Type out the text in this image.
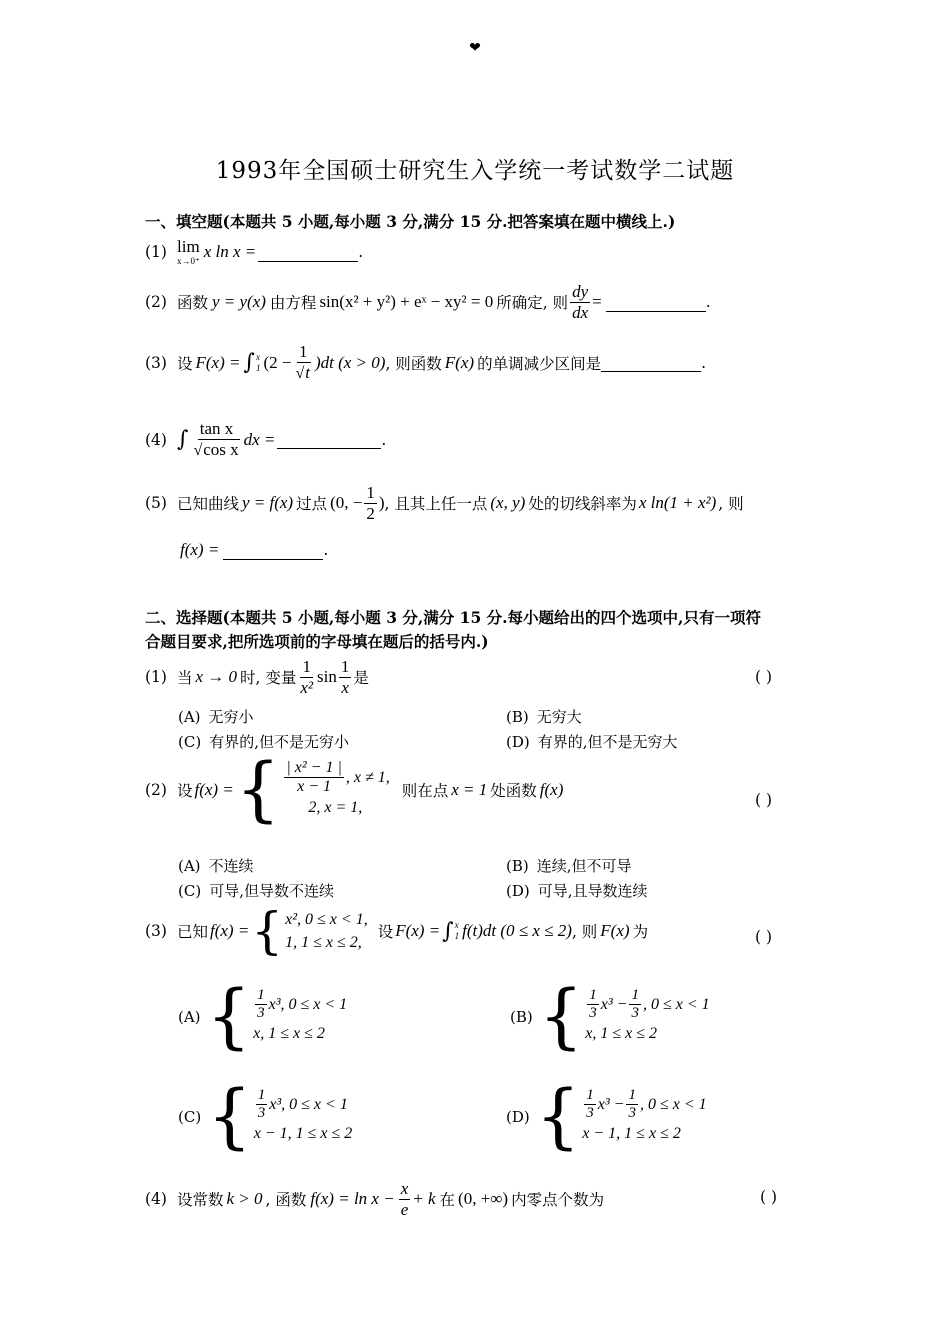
❤
1993年全国硕士研究生入学统一考试数学二试题
一、填空题(本题共 5 小题,每小题 3 分,满分 15 分.把答案填在题中横线上.)
(1) lim
x→0⁺ x ln x =	.
(2) 函数 y = y(x) 由方程 sin(x² + y²) + eˣ − xy² = 0 所确定, 则 $\frac{dy}{dx}$ =	.
(3) 设 F(x) = ∫ x
1 $(2 - \frac{1}{√t} )dt$ (x > 0) , 则函数 F(x) 的单调减少区间是	.
(4) ∫ $\frac{\text{tan x}}{\text{√cos x}}$ dx =	.
(5) 已知曲线 y = f(x) 过点 (0, − $\frac{1}{2}$ ) , 且其上任一点 (x, y) 处的切线斜率为 x ln(1 + x²) , 则
f(x) =	.
二、选择题(本题共 5 小题,每小题 3 分,满分 15 分.每小题给出的四个选项中,只有一项符
合题目要求,把所选项前的字母填在题后的括号内.)
(1) 当 x → 0 时, 变量 $\frac{1}{\text{x²}}$ $\sin \frac{1}{x}$ 是	( )
(A) 无穷小	(B) 无穷大
(C) 有界的,但不是无穷小	(D) 有界的,但不是无穷大
(2) 设 f(x) = { $\frac{\text{| x² − 1 |}}{x - 1}$ , x ≠ 1,
2, x = 1,
则在点 x = 1 处函数 f(x)
( )
(A) 不连续	(B) 连续,但不可导
(C) 可导,但导数不连续	(D) 可导,且导数连续
(3) 已知 f(x) = { x², 0 ≤ x < 1,
1, 1 ≤ x ≤ 2,
设 F(x) = ∫ x
1 f(t)dt (0 ≤ x ≤ 2) , 则 F(x) 为	( )
(A) { $\frac{1}{3} x^3$, 0 ≤ x < 1
x, 1 ≤ x ≤ 2
(B) { $\frac{1}{3} x^3 - \frac{1}{3}$ , 0 ≤ x < 1
x, 1 ≤ x ≤ 2
(C) { $\frac{1}{3} x^3$, 0 ≤ x < 1
x − 1, 1 ≤ x ≤ 2
(D) { $\frac{1}{3} x^3 - \frac{1}{3}$ , 0 ≤ x < 1
x − 1, 1 ≤ x ≤ 2
(4) 设常数 k > 0 , 函数 $f(x) = \ln x - \frac{x}{e} + k$ 在 (0, +∞) 内零点个数为	( )
